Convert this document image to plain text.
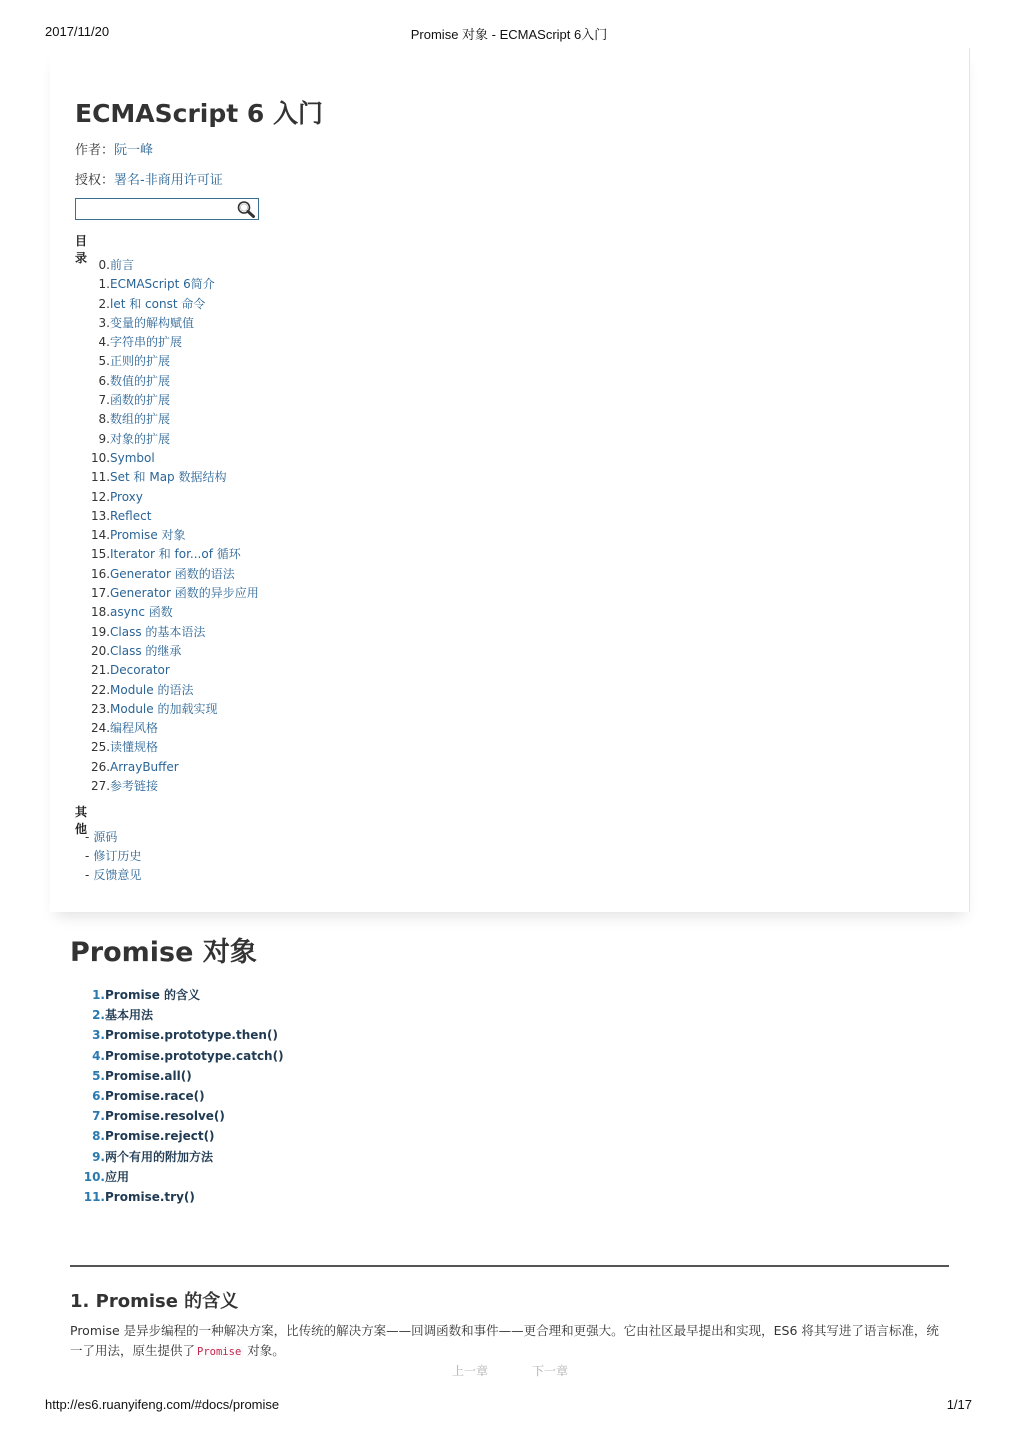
2017/11/20	Promise 对象 - ECMAScript 6入门
ECMAScript 6 入门
作者：阮一峰
授权：署名-非商用许可证
目录 0.前言
1.ECMAScript 6简介
2.let 和 const 命令
3.变量的解构赋值
4.字符串的扩展
5.正则的扩展
6.数值的扩展
7.函数的扩展
8.数组的扩展
9.对象的扩展
10.Symbol
11.Set 和 Map 数据结构
12.Proxy
13.Reflect
14.Promise 对象
15.Iterator 和 for...of 循环
16.Generator 函数的语法
17.Generator 函数的异步应用
18.async 函数
19.Class 的基本语法
20.Class 的继承
21.Decorator
22.Module 的语法
23.Module 的加载实现
24.编程风格
25.读懂规格
26.ArrayBuffer
27.参考链接
其他
- 源码
- 修订历史
- 反馈意见
Promise 对象
1.Promise 的含义
2.基本用法
3.Promise.prototype.then()
4.Promise.prototype.catch()
5.Promise.all()
6.Promise.race()
7.Promise.resolve()
8.Promise.reject()
9.两个有用的附加方法
10.应用
11.Promise.try()
1. Promise 的含义

Promise 是异步编程的一种解决方案，比传统的解决方案——回调函数和事件——更合理和更强大。它由社区最早提出和实现，ES6 将其写进了语言标准，统一了用法，原生提供了 Promise 对象。

上一章	下一章
http://es6.ruanyifeng.com/#docs/promise	1/17
